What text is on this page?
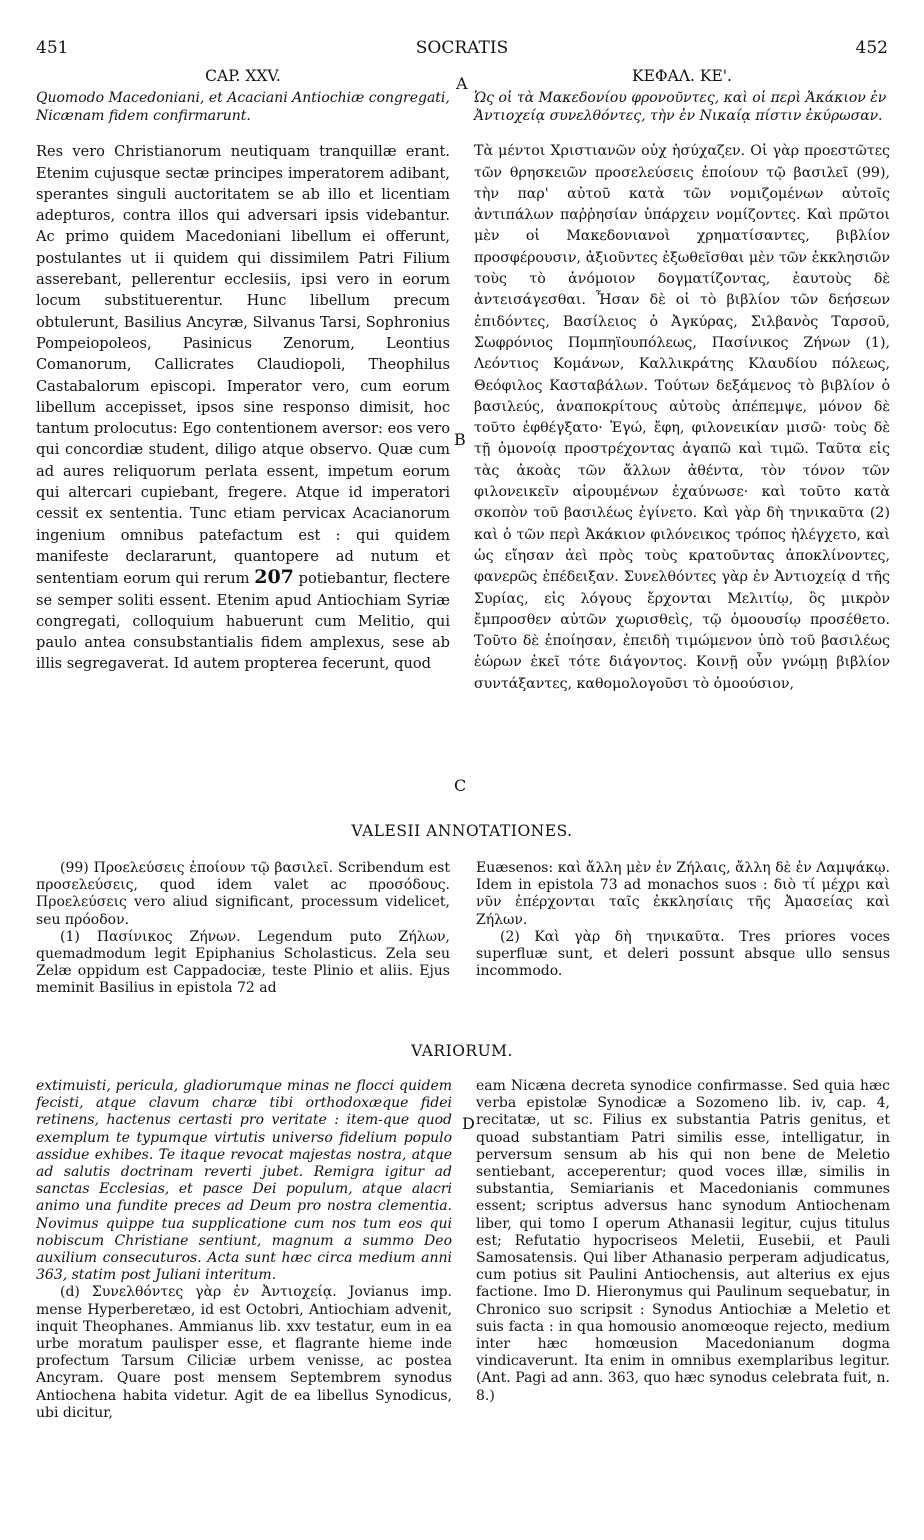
451	SOCRATIS	452
A
B
C
D
CAP. XXV.
Quomodo Macedoniani, et Acaciani Antiochiæ congregati, Nicænam fidem confirmarunt.

Res vero Christianorum neutiquam tranquillæ erant. Etenim cujusque sectæ principes imperatorem adibant, sperantes singuli auctoritatem se ab illo et licentiam adepturos, contra illos qui adversari ipsis videbantur. Ac primo quidem Macedoniani libellum ei offerunt, postulantes ut ii quidem qui dissimilem Patri Filium asserebant, pellerentur ecclesiis, ipsi vero in eorum locum substituerentur. Hunc libellum precum obtulerunt, Basilius Ancyræ, Silvanus Tarsi, Sophronius Pompeiopoleos, Pasinicus Zenorum, Leontius Comanorum, Callicrates Claudiopoli, Theophilus Castabalorum episcopi. Imperator vero, cum eorum libellum accepisset, ipsos sine responso dimisit, hoc tantum prolocutus: Ego contentionem aversor: eos vero qui concordiæ student, diligo atque observo. Quæ cum ad aures reliquorum perlata essent, impetum eorum qui altercari cupiebant, fregere. Atque id imperatori cessit ex sententia. Tunc etiam pervicax Acacianorum ingenium omnibus patefactum est : qui quidem manifeste declararunt, quantopere ad nutum et sententiam eorum qui rerum 207 potiebantur, flectere se semper soliti essent. Etenim apud Antiochiam Syriæ congregati, colloquium habuerunt cum Melitio, qui paulo antea consubstantialis fidem amplexus, sese ab illis segregaverat. Id autem propterea fecerunt, quod

ΚΕΦΑΛ. ΚΕ'.
Ὡς οἱ τὰ Μακεδονίου φρονοῦντες, καὶ οἱ περὶ Ἀκάκιον ἐν Ἀντιοχείᾳ συνελθόντες, τὴν ἐν Νικαίᾳ πίστιν ἐκύρωσαν.

Τὰ μέντοι Χριστιανῶν οὐχ ἡσύχαζεν. Οἱ γὰρ προεστῶτες τῶν θρησκειῶν προσελεύσεις ἐποίουν τῷ βασιλεῖ (99), τὴν παρ' αὐτοῦ κατὰ τῶν νομιζομένων αὐτοῖς ἀντιπάλων παῤῥησίαν ὑπάρχειν νομίζοντες. Καὶ πρῶτοι μὲν οἱ Μακεδονιανοὶ χρηματίσαντες, βιβλίον προσφέρουσιν, ἀξιοῦντες ἐξωθεῖσθαι μὲν τῶν ἐκκλησιῶν τοὺς τὸ ἀνόμοιον δογματίζοντας, ἑαυτοὺς δὲ ἀντεισάγεσθαι. Ἦσαν δὲ οἱ τὸ βιβλίον τῶν δεήσεων ἐπιδόντες, Βασίλειος ὁ Ἀγκύρας, Σιλβανὸς Ταρσοῦ, Σωφρόνιος Πομπηϊουπόλεως, Πασίνικος Ζήνων (1), Λεόντιος Κομάνων, Καλλικράτης Κλαυδίου πόλεως, Θεόφιλος Κασταβάλων. Τούτων δεξάμενος τὸ βιβλίον ὁ βασιλεύς, ἀναποκρίτους αὐτοὺς ἀπέπεμψε, μόνον δὲ τοῦτο ἐφθέγξατο· Ἐγώ, ἔφη, φιλονεικίαν μισῶ· τοὺς δὲ τῇ ὁμονοίᾳ προστρέχοντας ἀγαπῶ καὶ τιμῶ. Ταῦτα εἰς τὰς ἀκοὰς τῶν ἄλλων ἀθέντα, τὸν τόνον τῶν φιλονεικεῖν αἱρουμένων ἐχαύνωσε· καὶ τοῦτο κατὰ σκοπὸν τοῦ βασιλέως ἐγίνετο. Καὶ γὰρ δὴ τηνικαῦτα (2) καὶ ὁ τῶν περὶ Ἀκάκιον φιλόνεικος τρόπος ἠλέγχετο, καὶ ὡς εἴησαν ἀεὶ πρὸς τοὺς κρατοῦντας ἀποκλίνοντες, φανερῶς ἐπέδειξαν. Συνελθόντες γὰρ ἐν Ἀντιοχείᾳ d τῆς Συρίας, εἰς λόγους ἔρχονται Μελιτίῳ, ὃς μικρὸν ἔμπροσθεν αὐτῶν χωρισθεὶς, τῷ ὁμοουσίῳ προσέθετο. Τοῦτο δὲ ἐποίησαν, ἐπειδὴ τιμώμενον ὑπὸ τοῦ βασιλέως ἑώρων ἐκεῖ τότε διάγοντος. Κοινῇ οὖν γνώμῃ βιβλίον συντάξαντες, καθομολογοῦσι τὸ ὁμοούσιον,

VALESII ANNOTATIONES.

(99) Προελεύσεις ἐποίουν τῷ βασιλεῖ. Scribendum est προσελεύσεις, quod idem valet ac προσόδους. Προελεύσεις vero aliud significant, processum videlicet, seu πρόοδον.

(1) Πασίνικος Ζήνων. Legendum puto Ζήλων, quemadmodum legit Epiphanius Scholasticus. Zela seu Zelæ oppidum est Cappadociæ, teste Plinio et aliis. Ejus meminit Basilius in epistola 72 ad

Euæsenos: καὶ ἄλλη μὲν ἐν Ζήλαις, ἄλλη δὲ ἐν Λαμψάκῳ. Idem in epistola 73 ad monachos suos : διὸ τί μέχρι καὶ νῦν ἐπέρχονται ταῖς ἐκκλησίαις τῆς Ἀμασείας καὶ Ζήλων.

(2) Καὶ γὰρ δὴ τηνικαῦτα. Tres priores voces superfluæ sunt, et deleri possunt absque ullo sensus incommodo.

VARIORUM.

extimuisti, pericula, gladiorumque minas ne flocci quidem fecisti, atque clavum charæ tibi orthodoxæque fidei retinens, hactenus certasti pro veritate : item-que quod exemplum te typumque virtutis universo fidelium populo assidue exhibes. Te itaque revocat majestas nostra, atque ad salutis doctrinam reverti jubet. Remigra igitur ad sanctas Ecclesias, et pasce Dei populum, atque alacri animo una fundite preces ad Deum pro nostra clementia. Novimus quippe tua supplicatione cum nos tum eos qui nobiscum Christiane sentiunt, magnum a summo Deo auxilium consecuturos. Acta sunt hæc circa medium anni 363, statim post Juliani interitum.

(d) Συνελθόντες γὰρ ἐν Ἀντιοχείᾳ. Jovianus imp. mense Hyperberetæo, id est Octobri, Antiochiam advenit, inquit Theophanes. Ammianus lib. xxv testatur, eum in ea urbe moratum paulisper esse, et flagrante hieme inde profectum Tarsum Ciliciæ urbem venisse, ac postea Ancyram. Quare post mensem Septembrem synodus Antiochena habita videtur. Agit de ea libellus Synodicus, ubi dicitur,

eam Nicæna decreta synodice confirmasse. Sed quia hæc verba epistolæ Synodicæ a Sozomeno lib. iv, cap. 4, recitatæ, ut sc. Filius ex substantia Patris genitus, et quoad substantiam Patri similis esse, intelligatur, in perversum sensum ab his qui non bene de Meletio sentiebant, acceperentur; quod voces illæ, similis in substantia, Semiarianis et Macedonianis communes essent; scriptus adversus hanc synodum Antiochenam liber, qui tomo I operum Athanasii legitur, cujus titulus est; Refutatio hypocriseos Meletii, Eusebii, et Pauli Samosatensis. Qui liber Athanasio perperam adjudicatus, cum potius sit Paulini Antiochensis, aut alterius ex ejus factione. Imo D. Hieronymus qui Paulinum sequebatur, in Chronico suo scripsit : Synodus Antiochiæ a Meletio et suis facta : in qua homousio anomœoque rejecto, medium inter hæc homœusion Macedonianum dogma vindicaverunt. Ita enim in omnibus exemplaribus legitur. (Ant. Pagi ad ann. 363, quo hæc synodus celebrata fuit, n. 8.)
